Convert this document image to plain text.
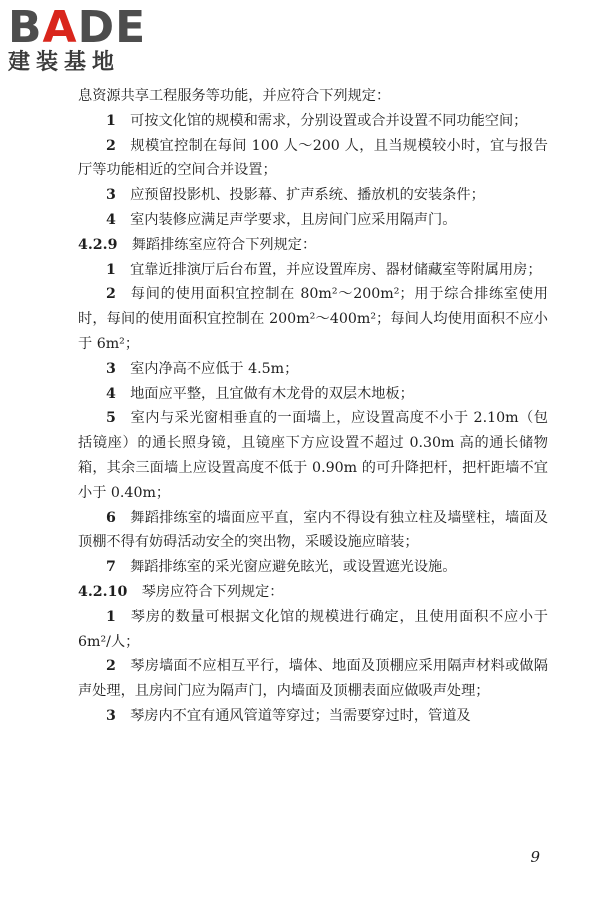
BADE
建装基地

息资源共享工程服务等功能，并应符合下列规定：

1  可按文化馆的规模和需求，分别设置或合并设置不同功能空间；

2  规模宜控制在每间 100 人～200 人，且当规模较小时，宜与报告厅等功能相近的空间合并设置；

3  应预留投影机、投影幕、扩声系统、播放机的安装条件；

4  室内装修应满足声学要求，且房间门应采用隔声门。

4.2.9  舞蹈排练室应符合下列规定：

1  宜靠近排演厅后台布置，并应设置库房、器材储藏室等附属用房；

2  每间的使用面积宜控制在 80m²～200m²；用于综合排练室使用时，每间的使用面积宜控制在 200m²～400m²；每间人均使用面积不应小于 6m²；

3  室内净高不应低于 4.5m；

4  地面应平整，且宜做有木龙骨的双层木地板；

5  室内与采光窗相垂直的一面墙上，应设置高度不小于 2.10m（包括镜座）的通长照身镜，且镜座下方应设置不超过 0.30m 高的通长储物箱，其余三面墙上应设置高度不低于 0.90m 的可升降把杆，把杆距墙不宜小于 0.40m；

6  舞蹈排练室的墙面应平直，室内不得设有独立柱及墙壁柱，墙面及顶棚不得有妨碍活动安全的突出物，采暖设施应暗装；

7  舞蹈排练室的采光窗应避免眩光，或设置遮光设施。

4.2.10  琴房应符合下列规定：

1  琴房的数量可根据文化馆的规模进行确定，且使用面积不应小于 6m²/人；

2  琴房墙面不应相互平行，墙体、地面及顶棚应采用隔声材料或做隔声处理，且房间门应为隔声门，内墙面及顶棚表面应做吸声处理；

3  琴房内不宜有通风管道等穿过；当需要穿过时，管道及

9
